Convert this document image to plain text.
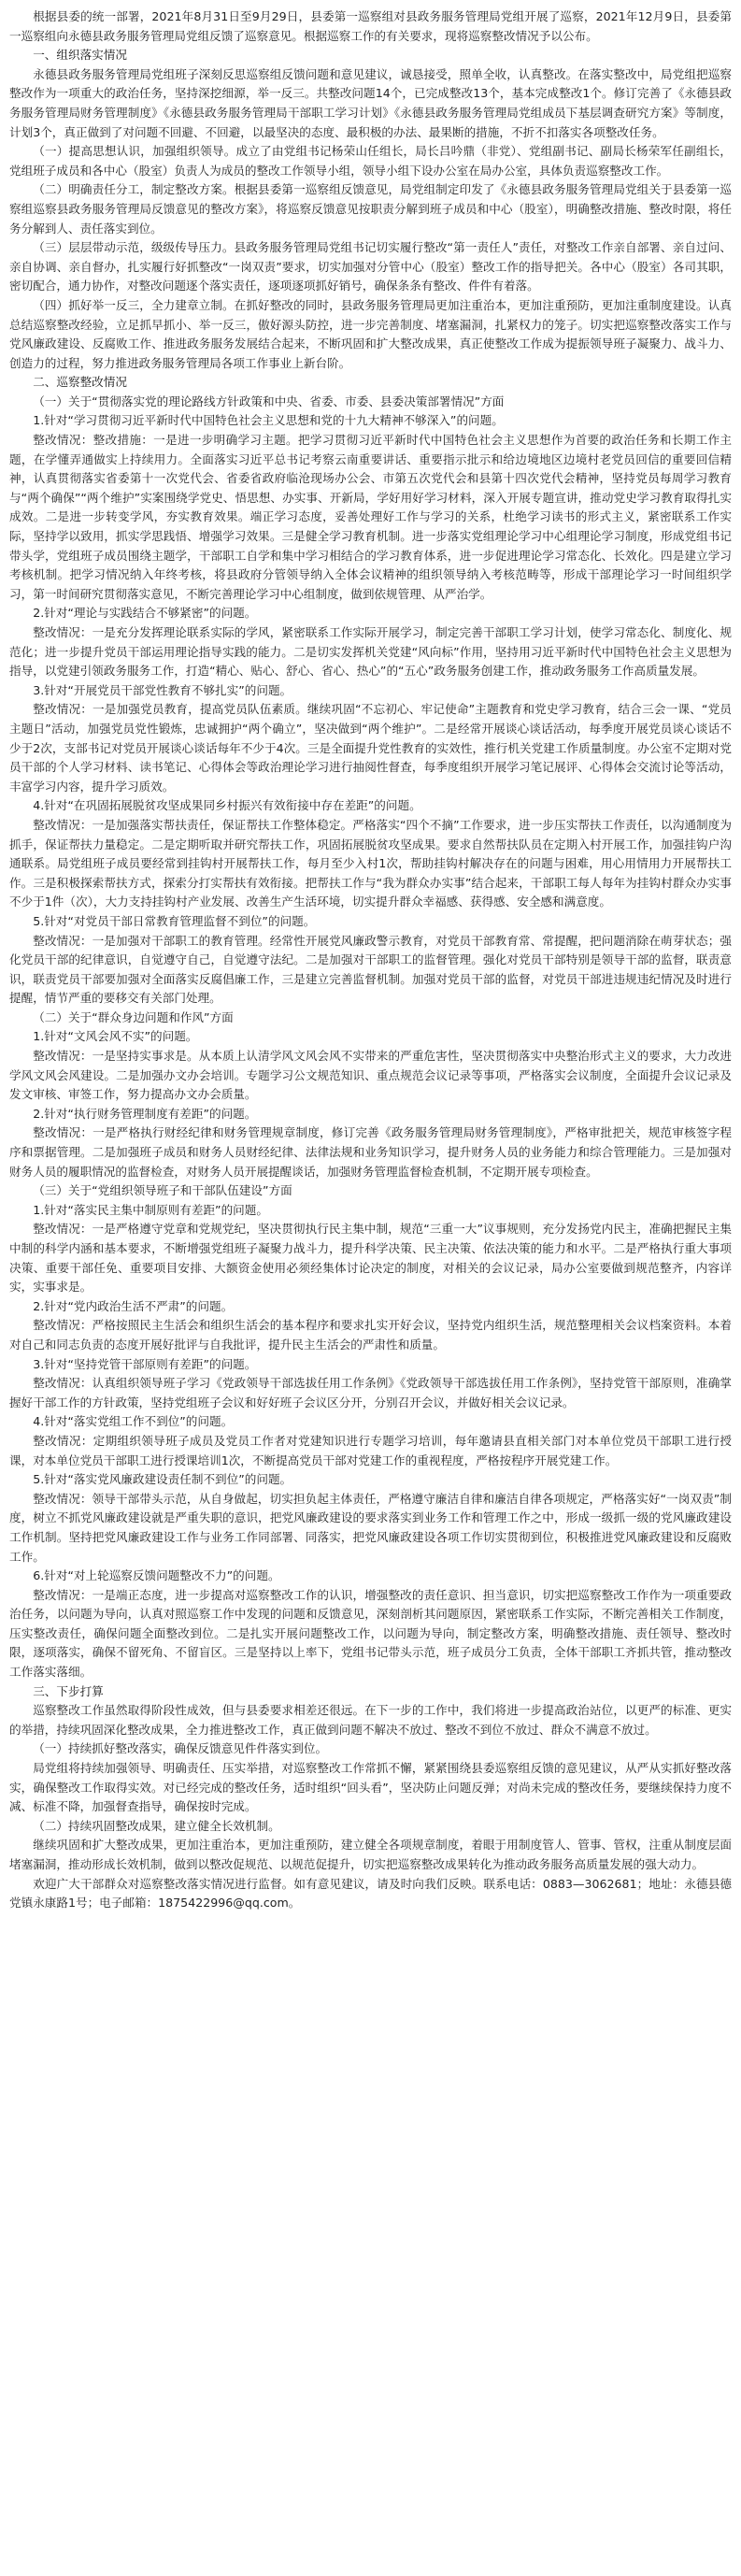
根据县委的统一部署，2021年8月31日至9月29日，县委第一巡察组对县政务服务管理局党组开展了巡察，2021年12月9日，县委第一巡察组向永德县政务服务管理局党组反馈了巡察意见。根据巡察工作的有关要求，现将巡察整改情况予以公布。

一、组织落实情况

永德县政务服务管理局党组班子深刻反思巡察组反馈问题和意见建议，诚恳接受，照单全收，认真整改。在落实整改中，局党组把巡察整改作为一项重大的政治任务，坚持深挖细源，举一反三。共整改问题14个，已完成整改13个，基本完成整改1个。修订完善了《永德县政务服务管理局财务管理制度》《永德县政务服务管理局干部职工学习计划》《永德县政务服务管理局党组成员下基层调查研究方案》等制度，计划3个，真正做到了对问题不回避、不回避，以最坚决的态度、最积极的办法、最果断的措施，不折不扣落实各项整改任务。

（一）提高思想认识，加强组织领导。成立了由党组书记杨荣山任组长，局长吕吟鼎（非党）、党组副书记、副局长杨荣军任副组长，党组班子成员和各中心（股室）负责人为成员的整改工作领导小组，领导小组下设办公室在局办公室，具体负责巡察整改工作。

（二）明确责任分工，制定整改方案。根据县委第一巡察组反馈意见，局党组制定印发了《永德县政务服务管理局党组关于县委第一巡察组巡察县政务服务管理局反馈意见的整改方案》，将巡察反馈意见按职责分解到班子成员和中心（股室），明确整改措施、整改时限，将任务分解到人、责任落实到位。

（三）层层带动示范，级级传导压力。县政务服务管理局党组书记切实履行整改“第一责任人”责任，对整改工作亲自部署、亲自过问、亲自协调、亲自督办，扎实履行好抓整改“一岗双责”要求，切实加强对分管中心（股室）整改工作的指导把关。各中心（股室）各司其职，密切配合，通力协作，对整改问题逐个落实责任，逐项逐项抓好销号，确保条条有整改、件件有着落。

（四）抓好举一反三，全力建章立制。在抓好整改的同时，县政务服务管理局更加注重治本，更加注重预防，更加注重制度建设。认真总结巡察整改经验，立足抓早抓小、举一反三，傲好源头防控，进一步完善制度、堵塞漏洞，扎紧权力的笼子。切实把巡察整改落实工作与党风廉政建设、反腐败工作、推进政务服务发展结合起来，不断巩固和扩大整改成果，真正使整改工作成为提振领导班子凝聚力、战斗力、创造力的过程，努力推进政务服务管理局各项工作事业上新台阶。

二、巡察整改情况

（一）关于“贯彻落实党的理论路线方针政策和中央、省委、市委、县委决策部署情况”方面

1.针对“学习贯彻习近平新时代中国特色社会主义思想和党的十九大精神不够深入”的问题。

整改情况：整改措施：一是进一步明确学习主题。把学习贯彻习近平新时代中国特色社会主义思想作为首要的政治任务和长期工作主题，在学懂弄通做实上持续用力。全面落实习近平总书记考察云南重要讲话、重要指示批示和给边境地区边境村老党员回信的重要回信精神，认真贯彻落实省委第十一次党代会、省委省政府临沧现场办公会、市第五次党代会和县第十四次党代会精神，坚持党员每周学习教育与“两个确保”“两个维护”实案围绕学党史、悟思想、办实事、开新局，学好用好学习材料，深入开展专题宣讲，推动党史学习教育取得扎实成效。二是进一步转变学风，夯实教育效果。端正学习态度，妥善处理好工作与学习的关系，杜绝学习读书的形式主义，紧密联系工作实际，坚持学以致用，抓实学思践悟、增强学习效果。三是健全学习教育机制。进一步落实党组理论学习中心组理论学习制度，形成党组书记带头学，党组班子成员围绕主题学，干部职工自学和集中学习相结合的学习教育体系，进一步促进理论学习常态化、长效化。四是建立学习考核机制。把学习情况纳入年终考核，将县政府分管领导纳入全体会议精神的组织领导纳入考核范畴等，形成干部理论学习一时间组织学习，第一时间研究贯彻落实意见，不断完善理论学习中心组制度，做到依规管理、从严治学。

2.针对“理论与实践结合不够紧密”的问题。

整改情况：一是充分发挥理论联系实际的学风，紧密联系工作实际开展学习，制定完善干部职工学习计划，使学习常态化、制度化、规范化；进一步提升党员干部运用理论指导实践的能力。二是切实发挥机关党建“风向标”作用，坚持用习近平新时代中国特色社会主义思想为指导，以党建引领政务服务工作，打造“精心、贴心、舒心、省心、热心”的“五心”政务服务创建工作，推动政务服务工作高质量发展。

3.针对“开展党员干部党性教育不够扎实”的问题。

整改情况：一是加强党员教育，提高党员队伍素质。继续巩固“不忘初心、牢记使命”主题教育和党史学习教育，结合三会一课、“党员主题日”活动，加强党员党性锻炼，忠诚拥护“两个确立”，坚决做到“两个维护”。二是经常开展谈心谈话活动，每季度开展党员谈心谈话不少于2次，支部书记对党员开展谈心谈话每年不少于4次。三是全面提升党性教育的实效性，推行机关党建工作质量制度。办公室不定期对党员干部的个人学习材料、读书笔记、心得体会等政治理论学习进行抽阅性督查，每季度组织开展学习笔记展评、心得体会交流讨论等活动，丰富学习内容，提升学习质效。

4.针对“在巩固拓展脱贫攻坚成果同乡村振兴有效衔接中存在差距”的问题。

整改情况：一是加强落实帮扶责任，保证帮扶工作整体稳定。严格落实“四个不摘”工作要求，进一步压实帮扶工作责任，以沟通制度为抓手，保证帮扶力量稳定。二是定期听取并研究帮扶工作，巩固拓展脱贫攻坚成果。要求自然帮扶队员在定期入村开展工作，加强挂钩户沟通联系。局党组班子成员要经常到挂钩村开展帮扶工作，每月至少入村1次，帮助挂钩村解决存在的问题与困难，用心用情用力开展帮扶工作。三是积极探索帮扶方式，探索分打实帮扶有效衔接。把帮扶工作与“我为群众办实事”结合起来，干部职工每人每年为挂钩村群众办实事不少于1件（次），大力支持挂钩村产业发展、改善生产生活环境，切实提升群众幸福感、获得感、安全感和满意度。

5.针对“对党员干部日常教育管理监督不到位”的问题。

整改情况：一是加强对干部职工的教育管理。经常性开展党风廉政警示教育，对党员干部教育常、常提醒，把问题消除在萌芽状态；强化党员干部的纪律意识，自觉遵守自己，自觉遵守法纪。二是加强对干部职工的监督管理。强化对党员干部特别是领导干部的监督，联责意识，联责党员干部要加强对全面落实反腐倡廉工作，三是建立完善监督机制。加强对党员干部的监督，对党员干部进违规违纪情况及时进行提醒，情节严重的要移交有关部门处理。

（二）关于“群众身边问题和作风”方面

1.针对“文风会风不实”的问题。

整改情况：一是坚持实事求是。从本质上认清学风文风会风不实带来的严重危害性，坚决贯彻落实中央整治形式主义的要求，大力改进学风文风会风建设。二是加强办文办会培训。专题学习公文规范知识、重点规范会议记录等事项，严格落实会议制度，全面提升会议记录及发文审核、审签工作，努力提高办文办会质量。

2.针对“执行财务管理制度有差距”的问题。

整改情况：一是严格执行财经纪律和财务管理规章制度，修订完善《政务服务管理局财务管理制度》，严格审批把关，规范审核签字程序和票据管理。二是加强班子成员和财务人员财经纪律、法律法规和业务知识学习，提升财务人员的业务能力和综合管理能力。三是加强对财务人员的履职情况的监督检查，对财务人员开展提醒谈话，加强财务管理监督检查机制，不定期开展专项检查。

（三）关于“党组织领导班子和干部队伍建设”方面

1.针对“落实民主集中制原则有差距”的问题。

整改情况：一是严格遵守党章和党规党纪，坚决贯彻执行民主集中制，规范“三重一大”议事规则，充分发扬党内民主，准确把握民主集中制的科学内涵和基本要求，不断增强党组班子凝聚力战斗力，提升科学决策、民主决策、依法决策的能力和水平。二是严格执行重大事项决策、重要干部任免、重要项目安排、大额资金使用必须经集体讨论决定的制度，对相关的会议记录，局办公室要做到规范整齐，内容详实，实事求是。

2.针对“党内政治生活不严肃”的问题。

整改情况：严格按照民主生活会和组织生活会的基本程序和要求扎实开好会议，坚持党内组织生活，规范整理相关会议档案资料。本着对自己和同志负责的态度开展好批评与自我批评，提升民主生活会的严肃性和质量。

3.针对“坚持党管干部原则有差距”的问题。

整改情况：认真组织领导班子学习《党政领导干部选拔任用工作条例》《党政领导干部选拔任用工作条例》，坚持党管干部原则，准确掌握好干部工作的方针政策，坚持党组班子会议和好好班子会议区分开，分别召开会议，并做好相关会议记录。

4.针对“落实党组工作不到位”的问题。

整改情况：定期组织领导班子成员及党员工作者对党建知识进行专题学习培训，每年邀请县直相关部门对本单位党员干部职工进行授课，对本单位党员干部职工进行授课培训1次，不断提高党员干部对党建工作的重视程度，严格按程序开展党建工作。

5.针对“落实党风廉政建设责任制不到位”的问题。

整改情况：领导干部带头示范，从自身做起，切实担负起主体责任，严格遵守廉洁自律和廉洁自律各项规定，严格落实好“一岗双责”制度，树立不抓党风廉政建设就是严重失职的意识，把党风廉政建设的要求落实到业务工作和管理工作之中，形成一级抓一级的党风廉政建设工作机制。坚持把党风廉政建设工作与业务工作同部署、同落实，把党风廉政建设各项工作切实贯彻到位，积极推进党风廉政建设和反腐败工作。

6.针对“对上轮巡察反馈问题整改不力”的问题。

整改情况：一是端正态度，进一步提高对巡察整改工作的认识，增强整改的责任意识、担当意识，切实把巡察整改工作作为一项重要政治任务，以问题为导向，认真对照巡察工作中发现的问题和反馈意见，深刻剖析其问题原因，紧密联系工作实际，不断完善相关工作制度，压实整改责任，确保问题全面整改到位。二是扎实开展问题整改工作，以问题为导向，制定整改方案，明确整改措施、责任领导、整改时限，逐项落实，确保不留死角、不留盲区。三是坚持以上率下，党组书记带头示范，班子成员分工负责，全体干部职工齐抓共管，推动整改工作落实落细。

三、下步打算

巡察整改工作虽然取得阶段性成效，但与县委要求相差还很远。在下一步的工作中，我们将进一步提高政治站位，以更严的标准、更实的举措，持续巩固深化整改成果，全力推进整改工作，真正做到问题不解决不放过、整改不到位不放过、群众不满意不放过。

（一）持续抓好整改落实，确保反馈意见件件落实到位。

局党组将持续加强领导、明确责任、压实举措，对巡察整改工作常抓不懈，紧紧围绕县委巡察组反馈的意见建议，从严从实抓好整改落实，确保整改工作取得实效。对已经完成的整改任务，适时组织“回头看”，坚决防止问题反弹；对尚未完成的整改任务，要继续保持力度不减、标准不降，加强督查指导，确保按时完成。

（二）持续巩固整改成果，建立健全长效机制。

继续巩固和扩大整改成果，更加注重治本，更加注重预防，建立健全各项规章制度，着眼于用制度管人、管事、管权，注重从制度层面堵塞漏洞，推动形成长效机制，做到以整改促规范、以规范促提升，切实把巡察整改成果转化为推动政务服务高质量发展的强大动力。

欢迎广大干部群众对巡察整改落实情况进行监督。如有意见建议，请及时向我们反映。联系电话：0883—3062681；地址：永德县德党镇永康路1号；电子邮箱：1875422996@qq.com。
